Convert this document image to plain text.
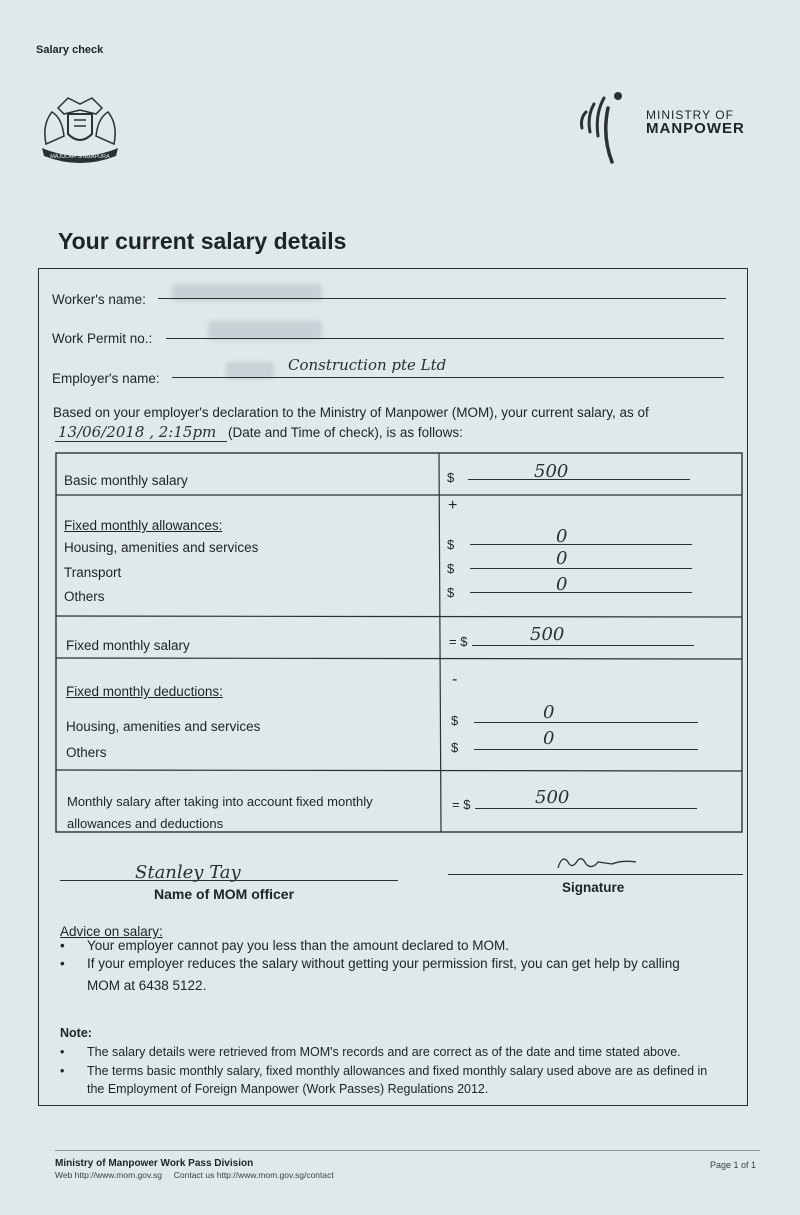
Salary check
MAJULAH SINGAPURA
MINISTRY OF
MANPOWER
Your current salary details
Worker's name:
Work Permit no.:
Employer's name:
Construction pte Ltd
Based on your employer's declaration to the Ministry of Manpower (MOM), your current salary, as of
13/06/2018 , 2:15pm (Date and Time of check), is as follows:
Basic monthly salary	$	500
+
Fixed monthly allowances:
Housing, amenities and services	$	0
Transport	$	0
Others	$	0
Fixed monthly salary	= $	500
-
Fixed monthly deductions:
Housing, amenities and services	$	0
Others	$	0
Monthly salary after taking into account fixed monthly
allowances and deductions
= $	500
Stanley Tay
Name of MOM officer	Signature
Advice on salary:
• Your employer cannot pay you less than the amount declared to MOM.
• If your employer reduces the salary without getting your permission first, you can get help by calling
MOM at 6438 5122.
Note:
• The salary details were retrieved from MOM's records and are correct as of the date and time stated above.
• The terms basic monthly salary, fixed monthly allowances and fixed monthly salary used above are as defined in
the Employment of Foreign Manpower (Work Passes) Regulations 2012.
Ministry of Manpower Work Pass Division
Web http://www.mom.gov.sg Contact us http://www.mom.gov.sg/contact
Page 1 of 1
